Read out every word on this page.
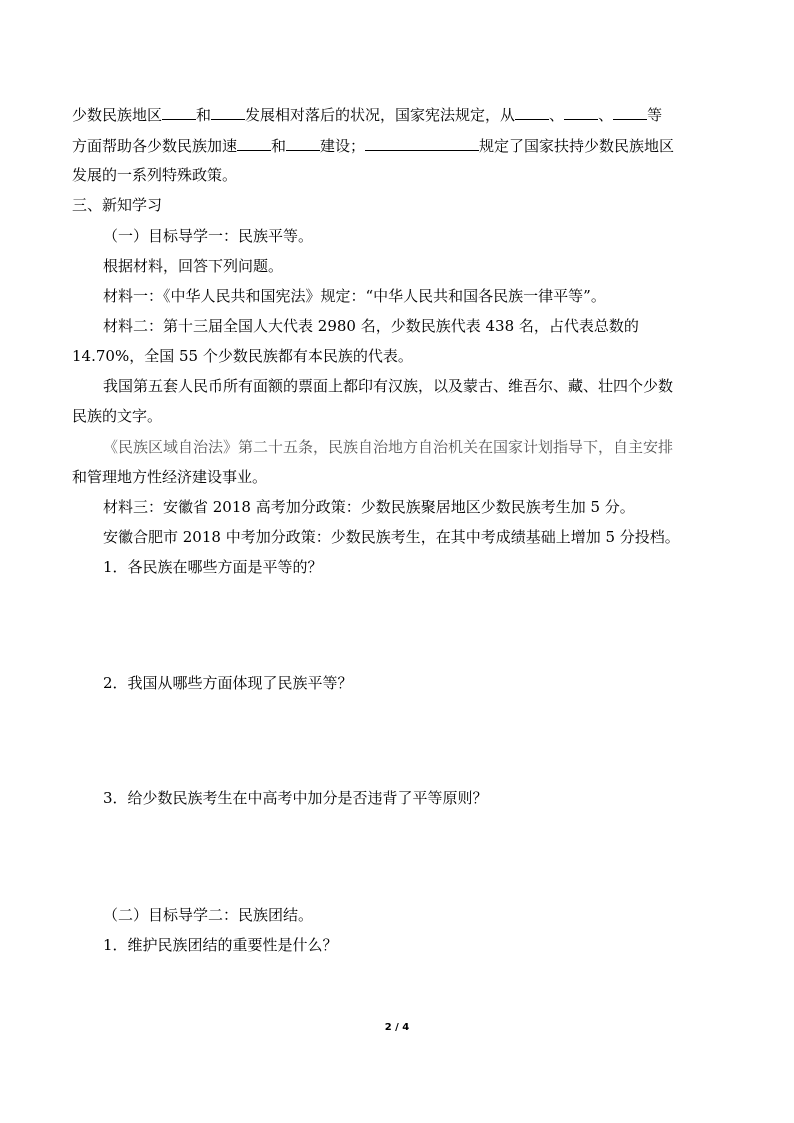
少数民族地区 和 发展相对落后的状况，国家宪法规定，从 、 、 等
方面帮助各少数民族加速 和 建设；	规定了国家扶持少数民族地区
发展的一系列特殊政策。
三、新知学习
（一）目标导学一：民族平等。
根据材料，回答下列问题。
材料一：《中华人民共和国宪法》规定：“中华人民共和国各民族一律平等”。
材料二：第十三届全国人大代表 2980 名，少数民族代表 438 名，占代表总数的
14.70%，全国 55 个少数民族都有本民族的代表。
我国第五套人民币所有面额的票面上都印有汉族，以及蒙古、维吾尔、藏、壮四个少数
民族的文字。
《民族区域自治法》第二十五条，民族自治地方自治机关在国家计划指导下，自主安排
和管理地方性经济建设事业。
材料三：安徽省 2018 高考加分政策：少数民族聚居地区少数民族考生加 5 分。
安徽合肥市 2018 中考加分政策：少数民族考生，在其中考成绩基础上增加 5 分投档。
1．各民族在哪些方面是平等的？
2．我国从哪些方面体现了民族平等？
3．给少数民族考生在中高考中加分是否违背了平等原则？
（二）目标导学二：民族团结。
1．维护民族团结的重要性是什么？
2 / 4
